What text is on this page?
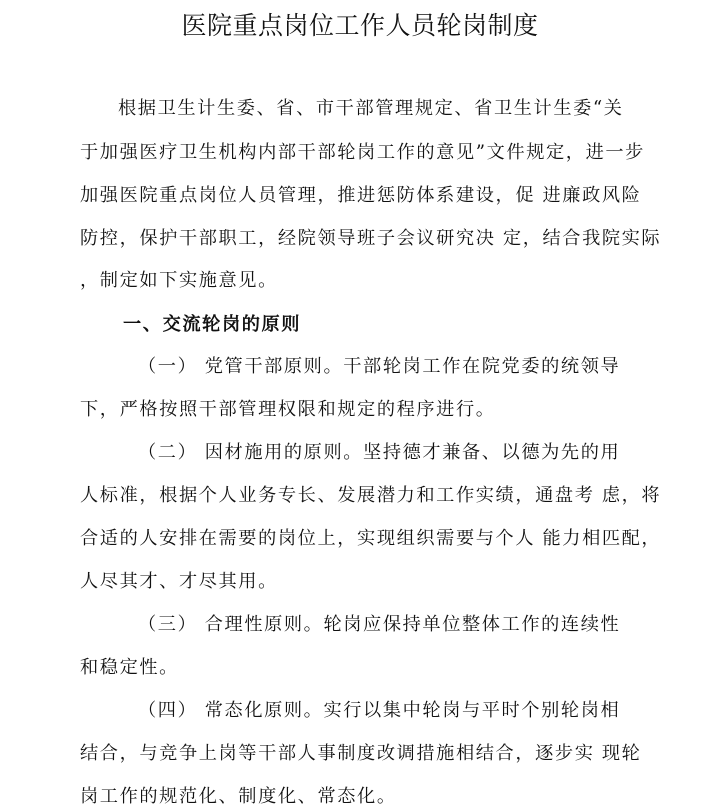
医院重点岗位工作人员轮岗制度
根据卫生计生委、省、市干部管理规定、省卫生计生委“关
于加强医疗卫生机构内部干部轮岗工作的意见”文件规定，进一步
加强医院重点岗位人员管理，推进惩防体系建设，促 进廉政风险
防控，保护干部职工，经院领导班子会议研究决 定，结合我院实际
，制定如下实施意见。
一、交流轮岗的原则
（一） 党管干部原则。干部轮岗工作在院党委的统领导
下，严格按照干部管理权限和规定的程序进行。
（二） 因材施用的原则。坚持德才兼备、以德为先的用
人标准，根据个人业务专长、发展潜力和工作实绩，通盘考 虑，将
合适的人安排在需要的岗位上，实现组织需要与个人 能力相匹配，
人尽其才、才尽其用。
（三） 合理性原则。轮岗应保持单位整体工作的连续性
和稳定性。
（四） 常态化原则。实行以集中轮岗与平时个别轮岗相
结合，与竞争上岗等干部人事制度改调措施相结合，逐步实 现轮
岗工作的规范化、制度化、常态化。
